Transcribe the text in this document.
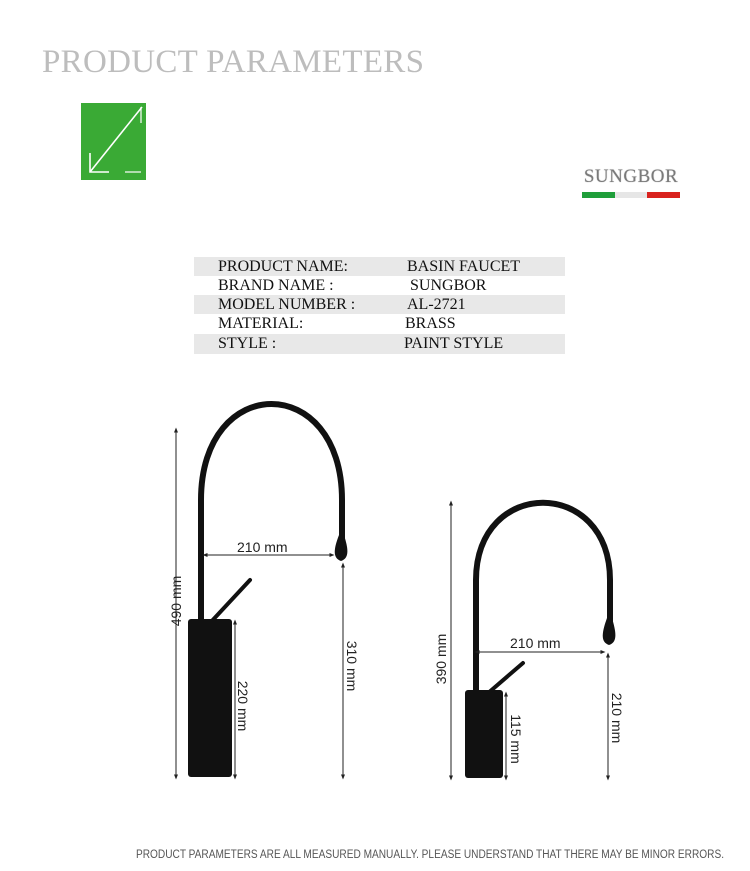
PRODUCT PARAMETERS
SUNGBOR
PRODUCT NAME:	BASIN FAUCET
BRAND NAME :	SUNGBOR
MODEL NUMBER :	AL-2721
MATERIAL:	BRASS
STYLE :	PAINT STYLE
210 mm
490 mm
310 mm
220 mm
210 mm
390 mm
210 mm
115 mm
PRODUCT PARAMETERS ARE ALL MEASURED MANUALLY. PLEASE UNDERSTAND THAT THERE MAY BE MINOR ERRORS.
